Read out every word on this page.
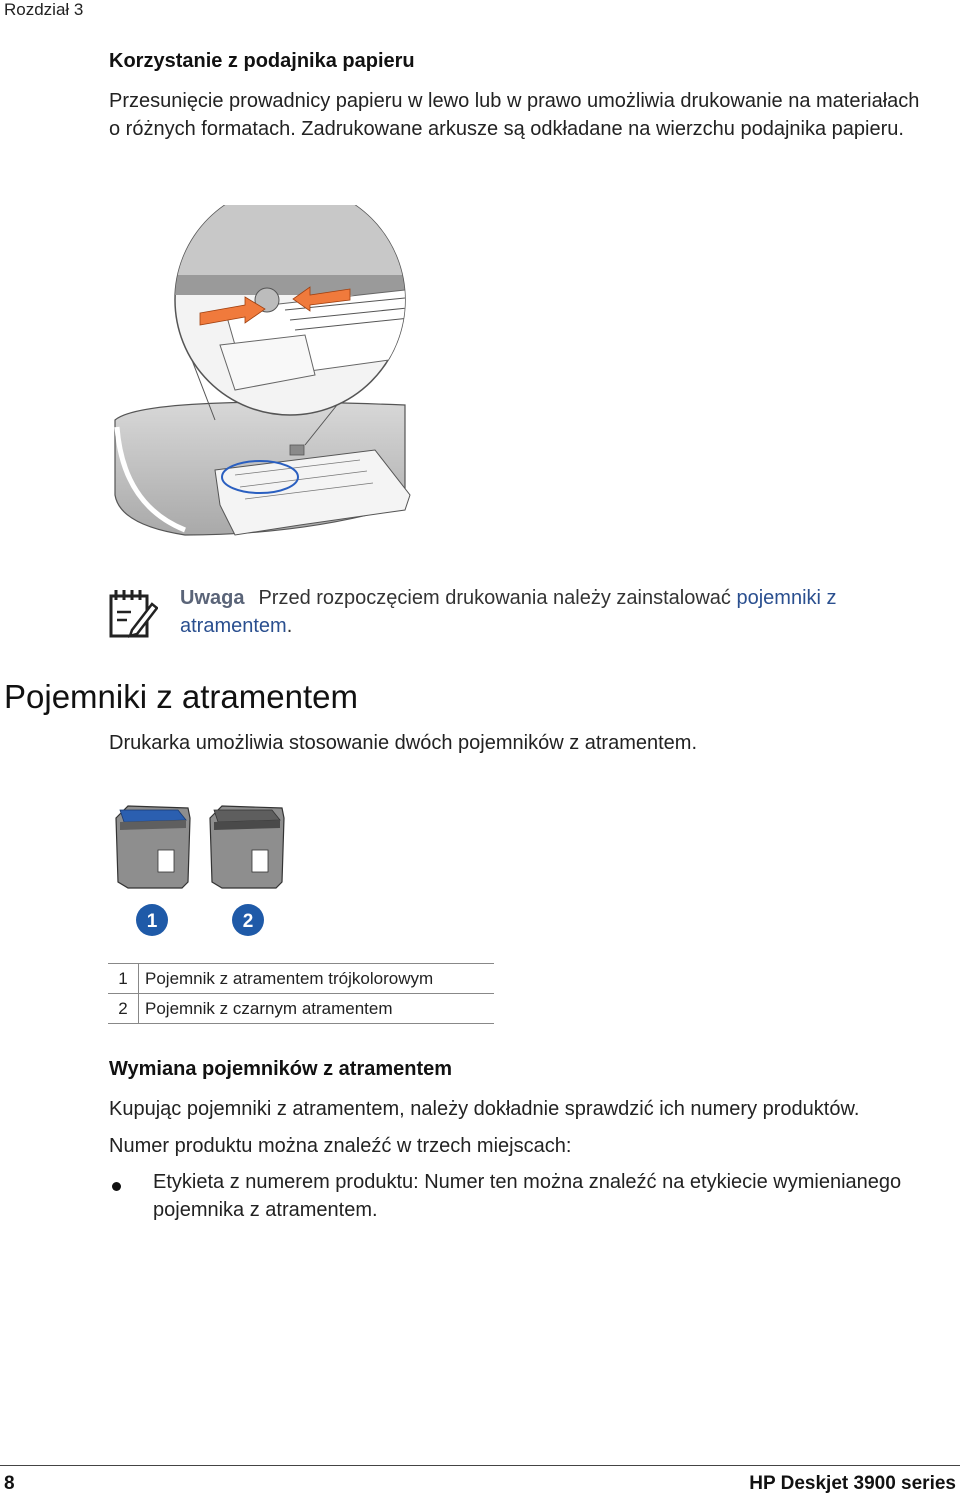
Rozdział 3
Korzystanie z podajnika papieru
Przesunięcie prowadnicy papieru w lewo lub w prawo umożliwia drukowanie na materiałach o różnych formatach. Zadrukowane arkusze są odkładane na wierzchu podajnika papieru.
Uwaga Przed rozpoczęciem drukowania należy zainstalować pojemniki z atramentem.
Pojemniki z atramentem
Drukarka umożliwia stosowanie dwóch pojemników z atramentem.
1	2
1	Pojemnik z atramentem trójkolorowym
2	Pojemnik z czarnym atramentem
Wymiana pojemników z atramentem
Kupując pojemniki z atramentem, należy dokładnie sprawdzić ich numery produktów.
Numer produktu można znaleźć w trzech miejscach:
Etykieta z numerem produktu: Numer ten można znaleźć na etykiecie wymienianego pojemnika z atramentem.
8	HP Deskjet 3900 series
